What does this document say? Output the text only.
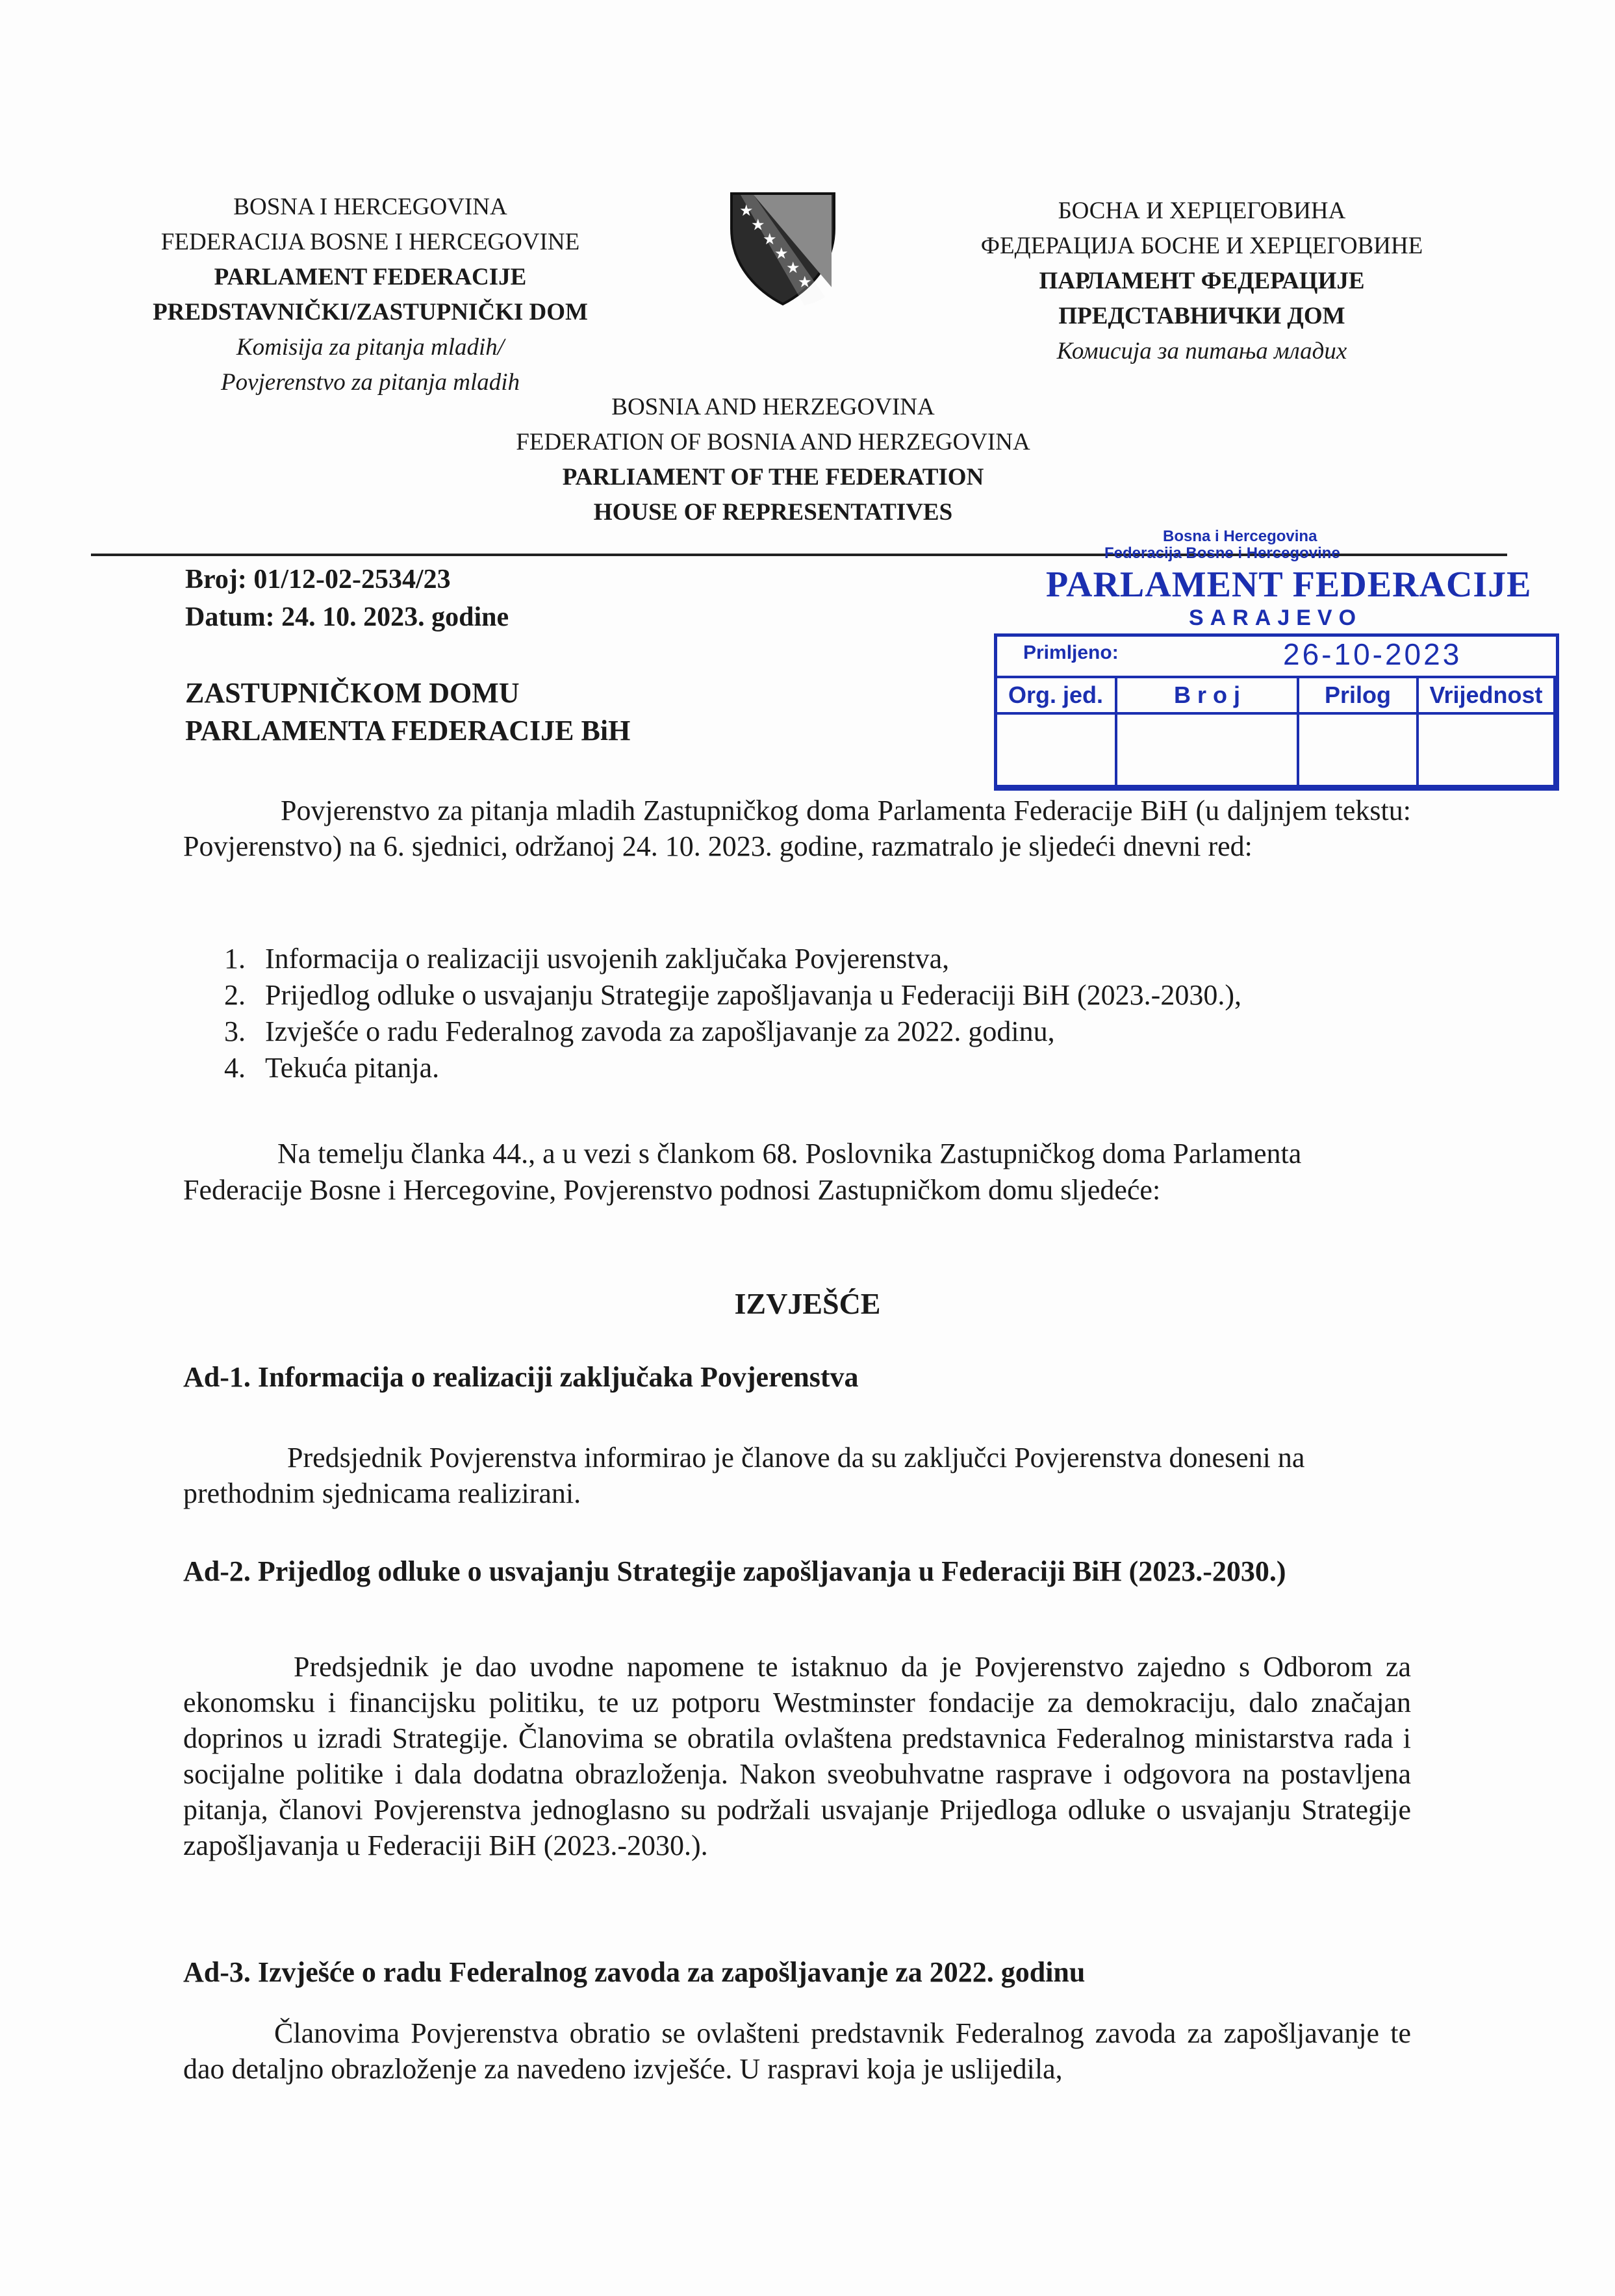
BOSNA I HERCEGOVINA
FEDERACIJA BOSNE I HERCEGOVINE
PARLAMENT FEDERACIJE
PREDSTAVNIČKI/ZASTUPNIČKI DOM
Komisija za pitanja mladih/
Povjerenstvo za pitanja mladih
★
★
★
★
★
★
БОСНА И ХЕРЦЕГОВИНА
ФЕДЕРАЦИЈА БОСНЕ И ХЕРЦЕГОВИНЕ
ПАРЛАМЕНТ ФЕДЕРАЦИЈЕ
ПРЕДСТАВНИЧКИ ДОМ
Комисија за питања младих
BOSNIA AND HERZEGOVINA
FEDERATION OF BOSNIA AND HERZEGOVINA
PARLIAMENT OF THE FEDERATION
HOUSE OF REPRESENTATIVES
Broj: 01/12-02-2534/23
Datum: 24. 10. 2023. godine
ZASTUPNIČKOM DOMU
PARLAMENTA FEDERACIJE BiH
Bosna i Hercegovina
Federacija Bosne i Hercegovine
PARLAMENT FEDERACIJE
SARAJEVO
Primljeno:	26-10-2023
Org. jed.	B r o j	Prilog	Vrijednost
Povjerenstvo za pitanja mladih Zastupničkog doma Parlamenta Federacije BiH (u daljnjem tekstu: Povjerenstvo) na 6. sjednici, održanoj 24. 10. 2023. godine, razmatralo je sljedeći dnevni red:
1. Informacija o realizaciji usvojenih zaključaka Povjerenstva,
2. Prijedlog odluke o usvajanju Strategije zapošljavanja u Federaciji BiH (2023.-2030.),
3. Izvješće o radu Federalnog zavoda za zapošljavanje za 2022. godinu,
4. Tekuća pitanja.
Na temelju članka 44., a u vezi s člankom 68. Poslovnika Zastupničkog doma Parlamenta Federacije Bosne i Hercegovine, Povjerenstvo podnosi Zastupničkom domu sljedeće:
IZVJEŠĆE
Ad-1. Informacija o realizaciji zaključaka Povjerenstva
Predsjednik Povjerenstva informirao je članove da su zaključci Povjerenstva doneseni na prethodnim sjednicama realizirani.
Ad-2. Prijedlog odluke o usvajanju Strategije zapošljavanja u Federaciji BiH (2023.-2030.)
Predsjednik je dao uvodne napomene te istaknuo da je Povjerenstvo zajedno s Odborom za ekonomsku i financijsku politiku, te uz potporu Westminster fondacije za demokraciju, dalo značajan doprinos u izradi Strategije. Članovima se obratila ovlaštena predstavnica Federalnog ministarstva rada i socijalne politike i dala dodatna obrazloženja. Nakon sveobuhvatne rasprave i odgovora na postavljena pitanja, članovi Povjerenstva jednoglasno su podržali usvajanje Prijedloga odluke o usvajanju Strategije zapošljavanja u Federaciji BiH (2023.-2030.).
Ad-3. Izvješće o radu Federalnog zavoda za zapošljavanje za 2022. godinu
Članovima Povjerenstva obratio se ovlašteni predstavnik Federalnog zavoda za zapošljavanje te dao detaljno obrazloženje za navedeno izvješće. U raspravi koja je uslijedila,
